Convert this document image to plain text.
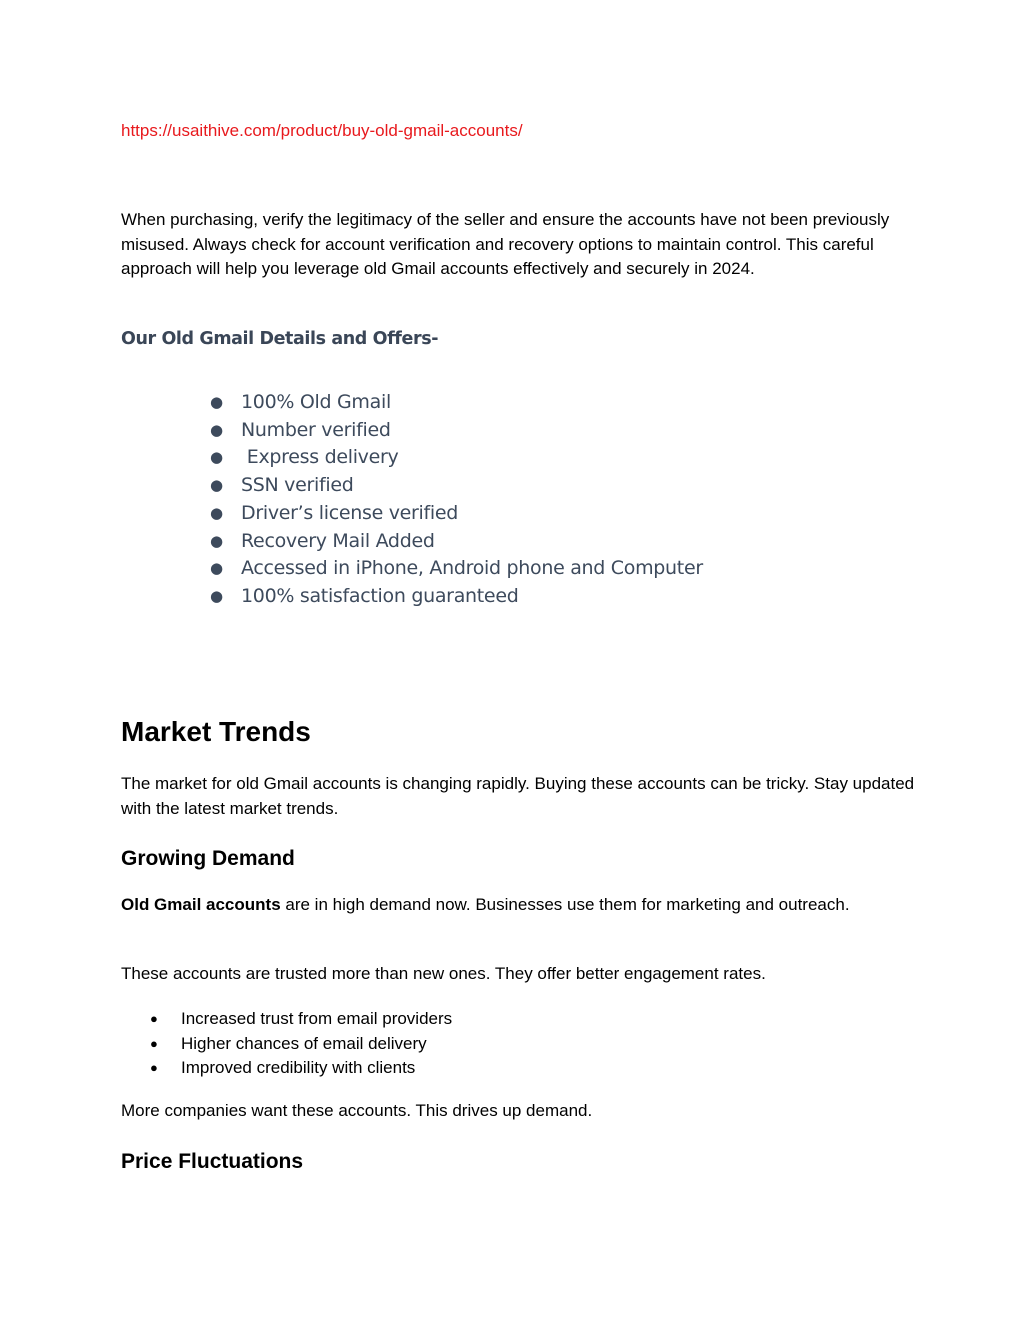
https://usaithive.com/product/buy-old-gmail-accounts/

When purchasing, verify the legitimacy of the seller and ensure the accounts have not been previously misused. Always check for account verification and recovery options to maintain control. This careful approach will help you leverage old Gmail accounts effectively and securely in 2024.

Our Old Gmail Details and Offers-
● 100% Old Gmail
● Number verified
● Express delivery
● SSN verified
● Driver’s license verified
● Recovery Mail Added
● Accessed in iPhone, Android phone and Computer
● 100% satisfaction guaranteed
Market Trends

The market for old Gmail accounts is changing rapidly. Buying these accounts can be tricky. Stay updated with the latest market trends.

Growing Demand

Old Gmail accounts are in high demand now. Businesses use them for marketing and outreach.

These accounts are trusted more than new ones. They offer better engagement rates.

● Increased trust from email providers
● Higher chances of email delivery
● Improved credibility with clients

More companies want these accounts. This drives up demand.

Price Fluctuations
